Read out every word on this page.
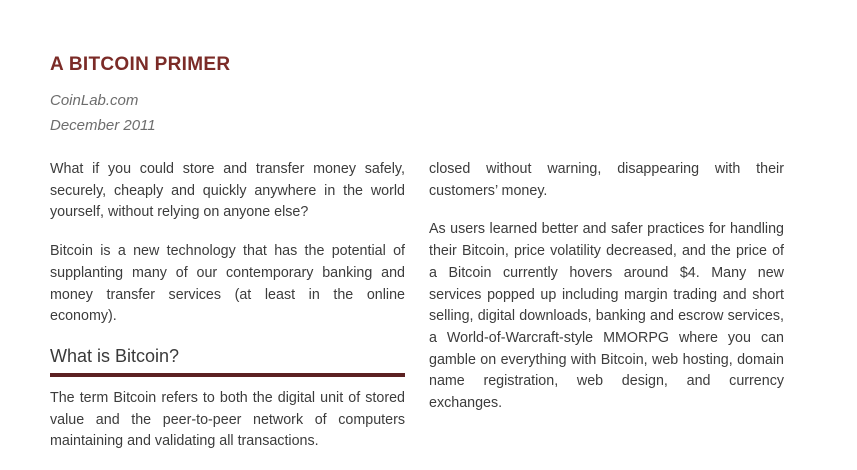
A BITCOIN PRIMER
CoinLab.com
December 2011

What if you could store and transfer money safely, securely, cheaply and quickly anywhere in the world yourself, without relying on anyone else?

Bitcoin is a new technology that has the potential of supplanting many of our contemporary banking and money transfer services (at least in the online economy).

What is Bitcoin?

The term Bitcoin refers to both the digital unit of stored value and the peer-to-peer network of computers maintaining and validating all transactions.

closed without warning, disappearing with their customers’ money.

As users learned better and safer practices for handling their Bitcoin, price volatility decreased, and the price of a Bitcoin currently hovers around $4. Many new services popped up including margin trading and short selling, digital downloads, banking and escrow services, a World-of-Warcraft-style MMORPG where you can gamble on everything with Bitcoin, web hosting, domain name registration, web design, and currency exchanges.
